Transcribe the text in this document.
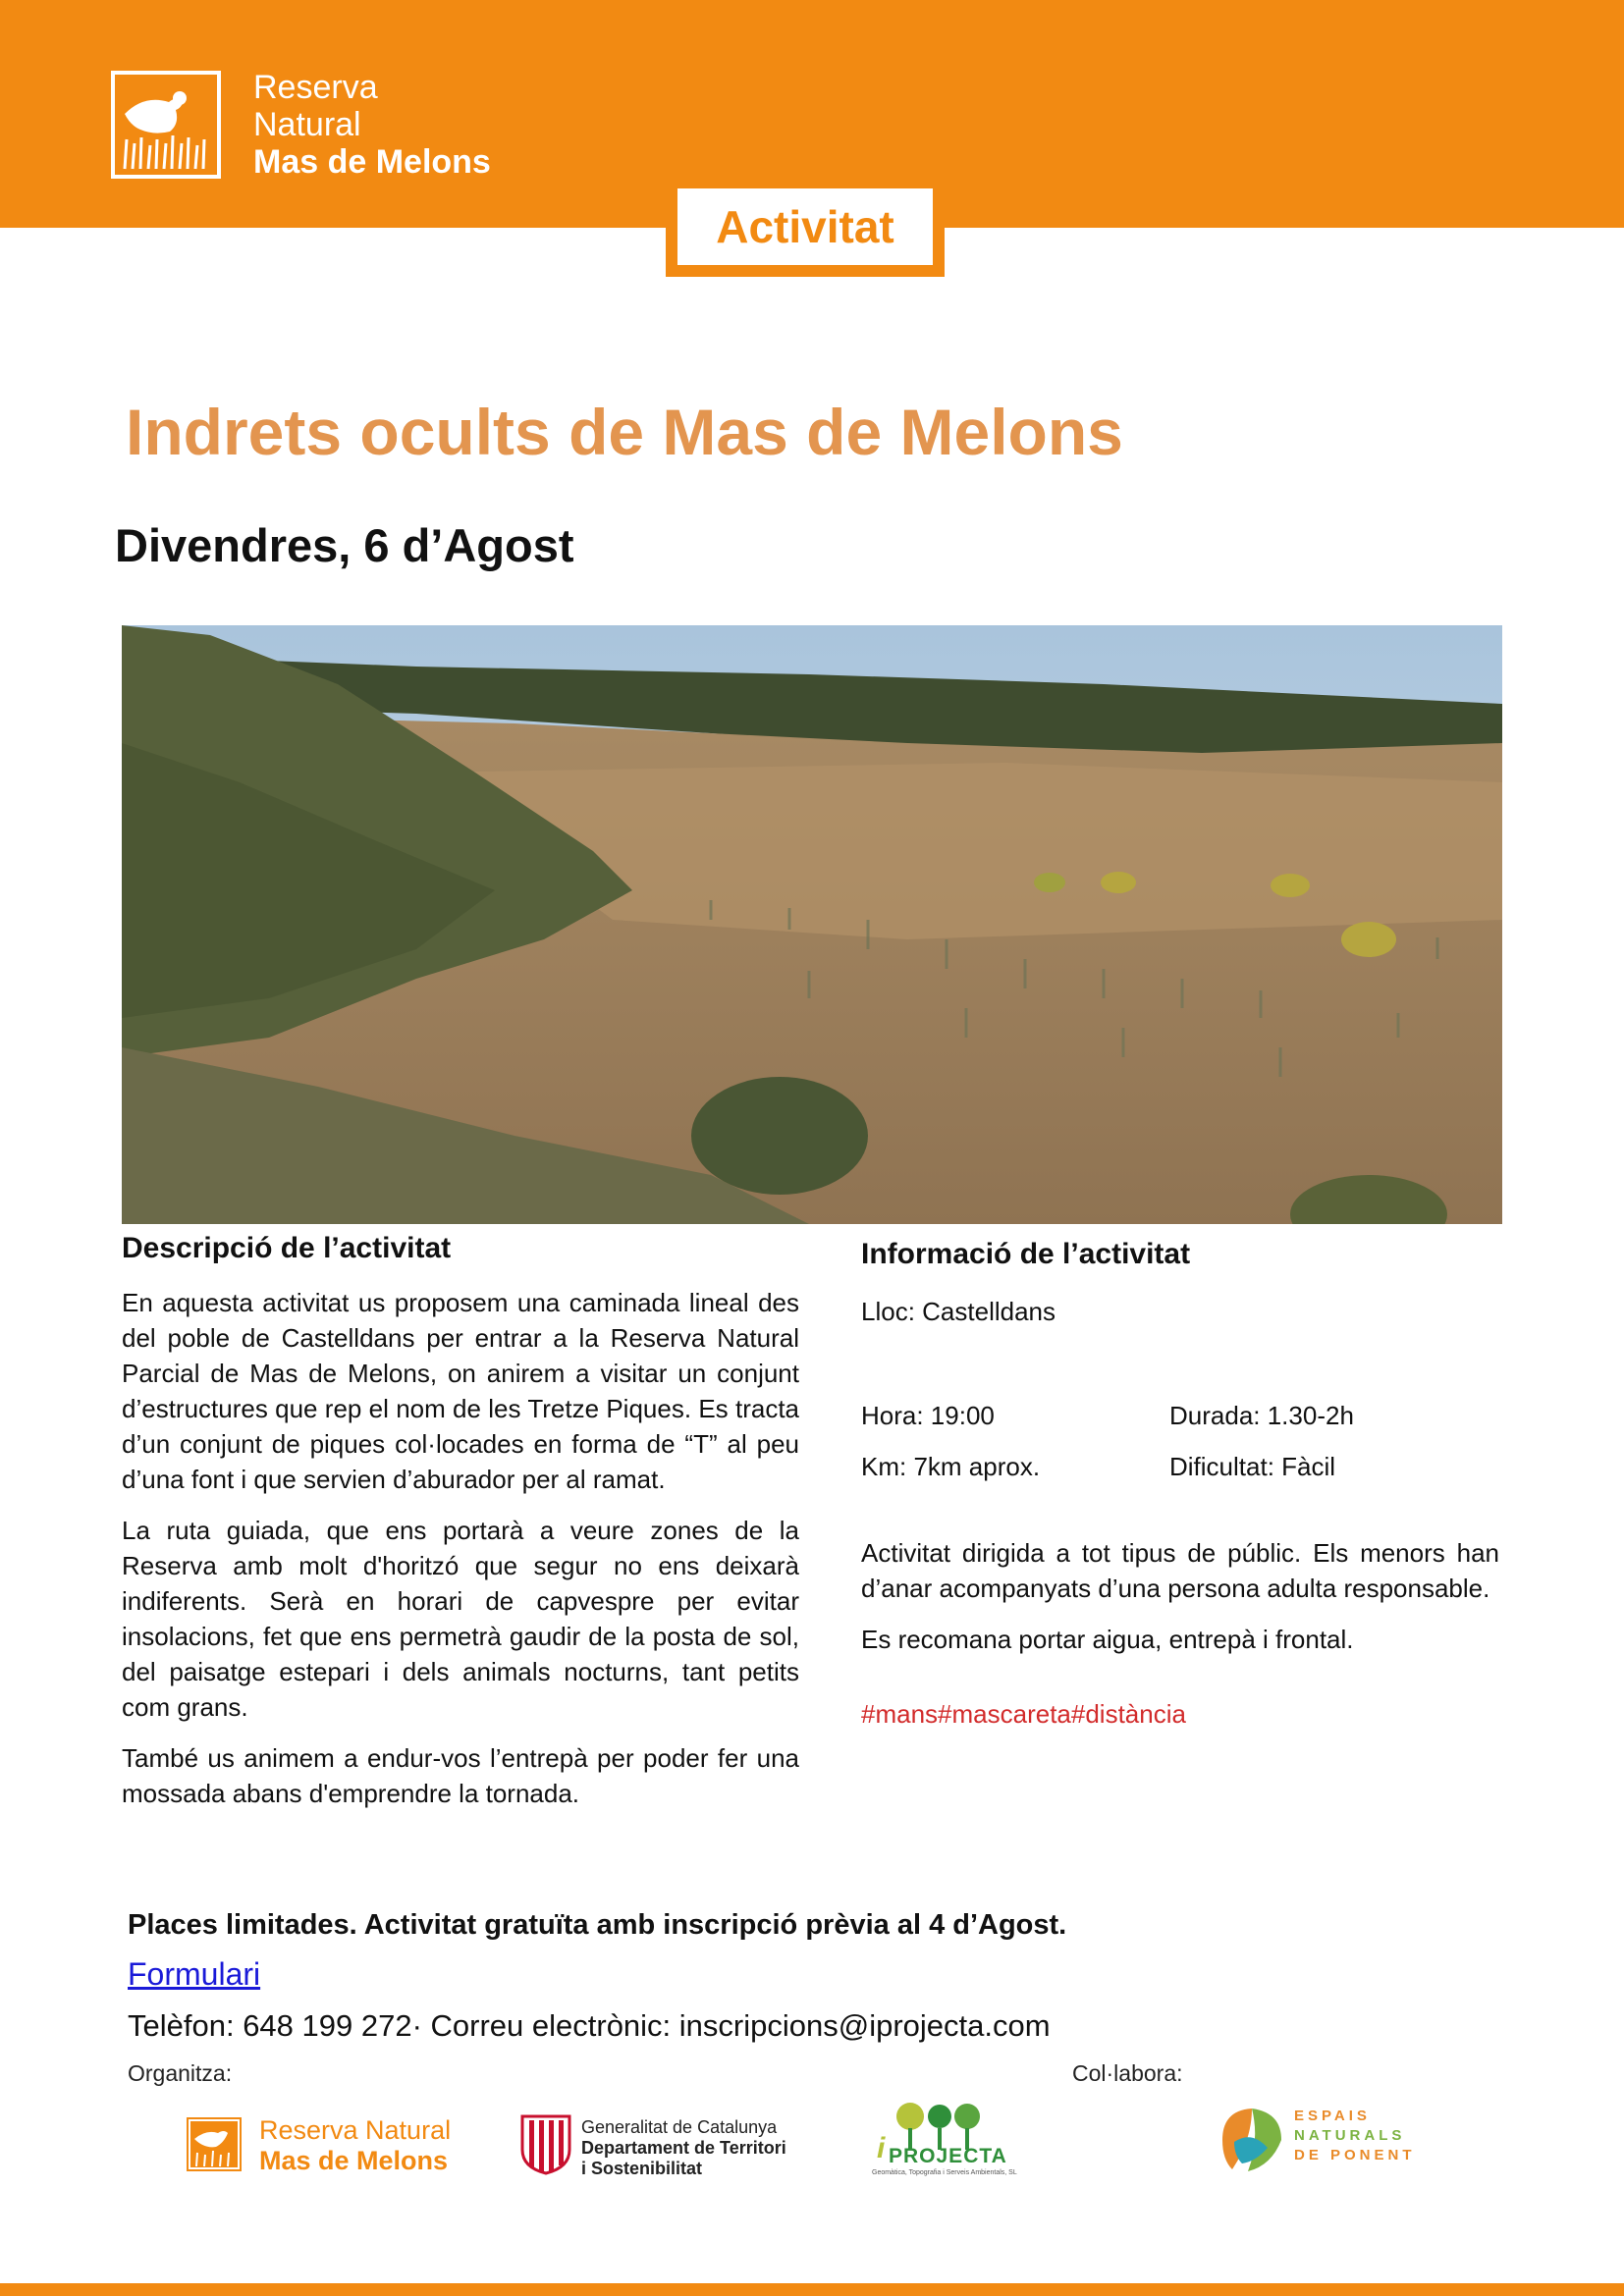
Reserva
Natural
Mas de Melons
Activitat
Indrets ocults de Mas de Melons
Divendres, 6 d’Agost
Descripció de l’activitat

En aquesta activitat us proposem una caminada lineal des del poble de Castelldans per entrar a la Reserva Natural Parcial de Mas de Melons, on anirem a visitar un conjunt d’estructures que rep el nom de les Tretze Piques. Es tracta d’un conjunt de piques col·locades en forma de “T” al peu d’una font i que servien d’aburador per al ramat.

La ruta guiada, que ens portarà a veure zones de la Reserva amb molt d'horitzó que segur no ens deixarà indiferents. Serà en horari de capvespre per evitar insolacions, fet que ens permetrà gaudir de la posta de sol, del paisatge estepari i dels animals nocturns, tant petits com grans.

També us animem a endur-vos l’entrepà per poder fer una mossada abans d'emprendre la tornada.

Informació de l’activitat
Lloc: Castelldans
Hora: 19:00	Durada: 1.30-2h
Km: 7km aprox.	Dificultat: Fàcil

Activitat dirigida a tot tipus de públic. Els menors han d’anar acompanyats d’una persona adulta responsable.

Es recomana portar aigua, entrepà i frontal.

#mans#mascareta#distància
Places limitades. Activitat gratuïta amb inscripció prèvia al 4 d’Agost.
Formulari
Telèfon: 648 199 272· Correu electrònic: inscripcions@iprojecta.com
Organitza:	Col·labora:
Reserva Natural
Mas de Melons
Generalitat de Catalunya
Departament de Territori
i Sostenibilitat
i PROJECTA
Geomàtica, Topografia i Serveis Ambientals, SL
ESPAIS
NATURALS
DE PONENT
